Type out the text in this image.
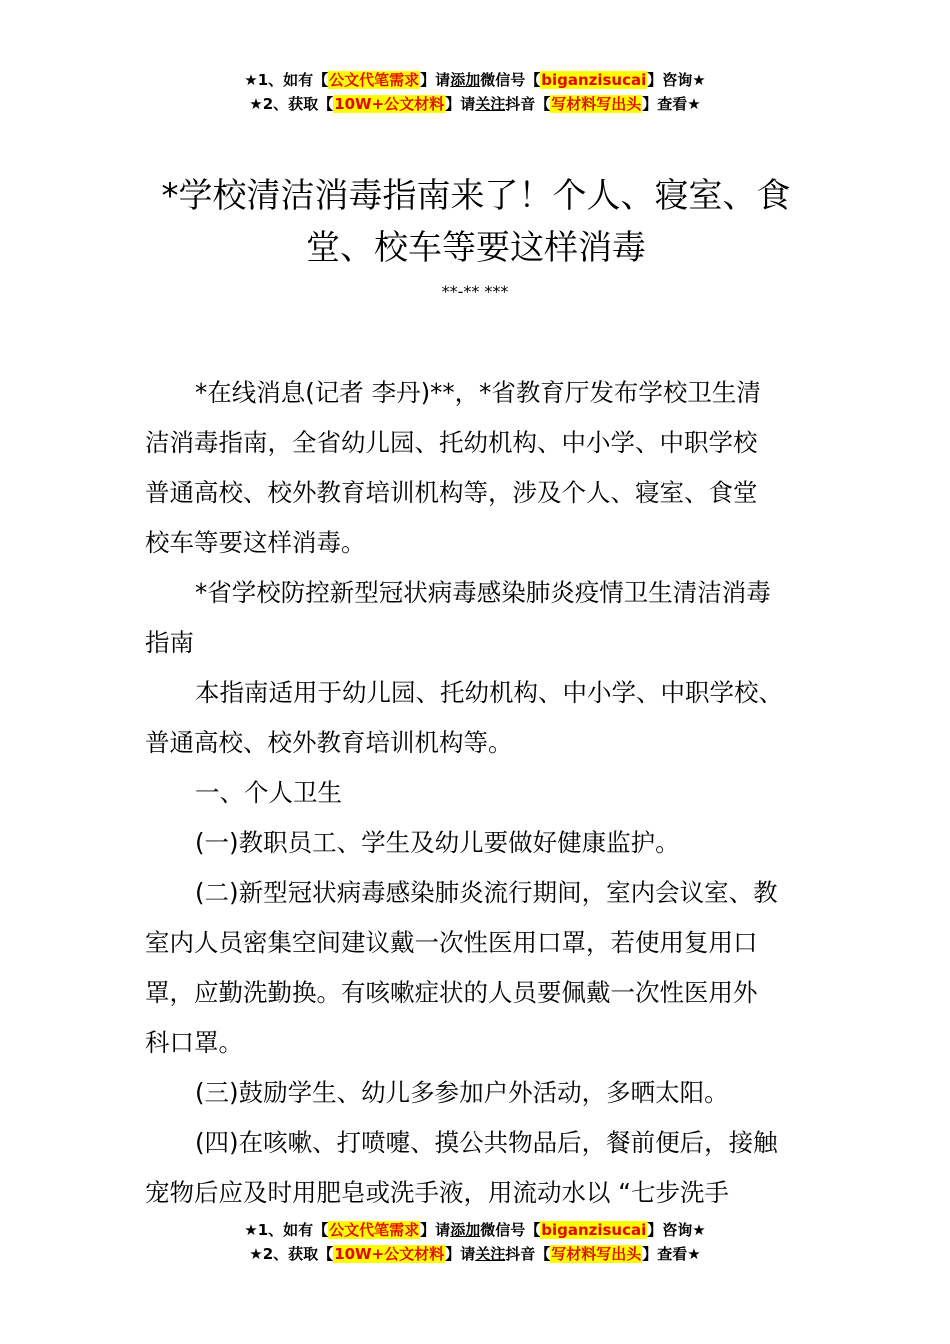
★1、如有【公文代笔需求】请添加微信号【biganzisucai】咨询★
★2、获取【10W+公文材料】请关注抖音【写材料写出头】查看★
*学校清洁消毒指南来了！个人、寝室、食
堂、校车等要这样消毒
**-** ***

*在线消息(记者 李丹)**，*省教育厅发布学校卫生清
洁消毒指南，全省幼儿园、托幼机构、中小学、中职学校
普通高校、校外教育培训机构等，涉及个人、寝室、食堂
校车等要这样消毒。

*省学校防控新型冠状病毒感染肺炎疫情卫生清洁消毒
指南

本指南适用于幼儿园、托幼机构、中小学、中职学校、
普通高校、校外教育培训机构等。

一、个人卫生

(一)教职员工、学生及幼儿要做好健康监护。

(二)新型冠状病毒感染肺炎流行期间，室内会议室、教
室内人员密集空间建议戴一次性医用口罩，若使用复用口
罩，应勤洗勤换。有咳嗽症状的人员要佩戴一次性医用外
科口罩。

(三)鼓励学生、幼儿多参加户外活动，多晒太阳。

(四)在咳嗽、打喷嚏、摸公共物品后，餐前便后，接触
宠物后应及时用肥皂或洗手液，用流动水以 “七步洗手

★1、如有【公文代笔需求】请添加微信号【biganzisucai】咨询★
★2、获取【10W+公文材料】请关注抖音【写材料写出头】查看★
